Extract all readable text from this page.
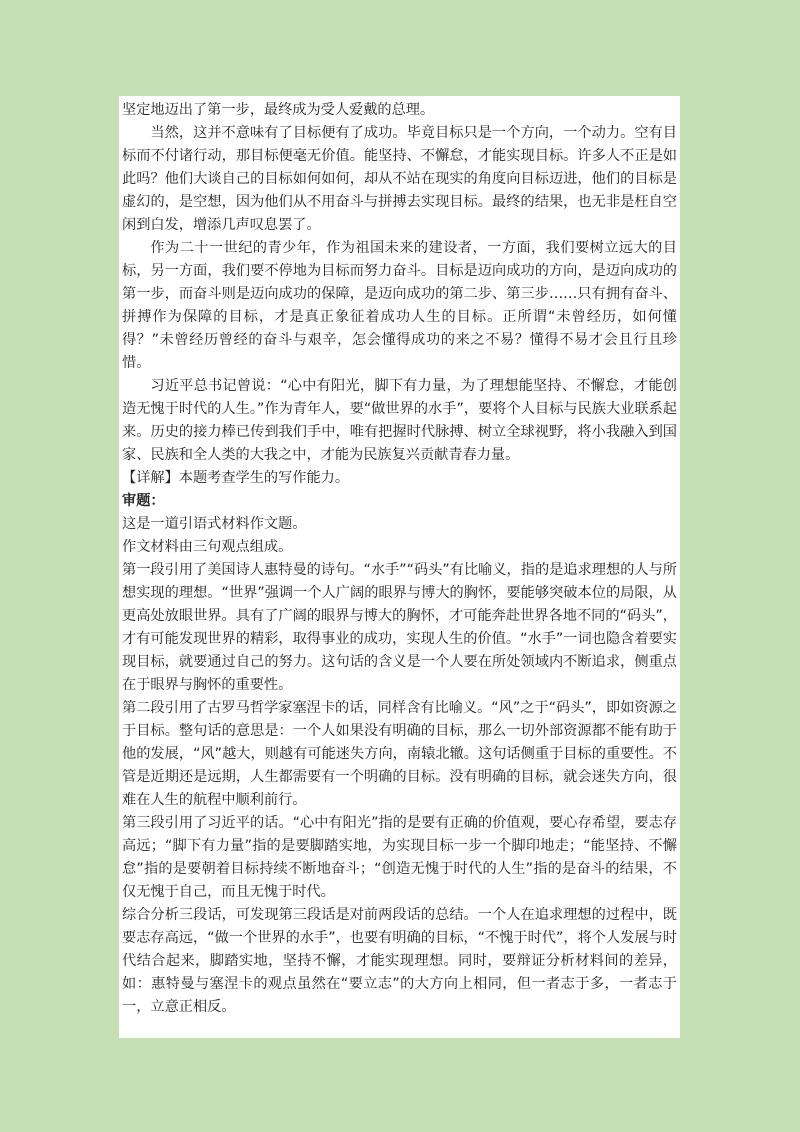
坚定地迈出了第一步，最终成为受人爱戴的总理。

当然，这并不意味有了目标便有了成功。毕竟目标只是一个方向，一个动力。空有目标而不付诸行动，那目标便毫无价值。能坚持、不懈怠，才能实现目标。许多人不正是如此吗？他们大谈自己的目标如何如何，却从不站在现实的角度向目标迈进，他们的目标是虚幻的，是空想，因为他们从不用奋斗与拼搏去实现目标。最终的结果，也无非是枉自空闲到白发，增添几声叹息罢了。

作为二十一世纪的青少年，作为祖国未来的建设者，一方面，我们要树立远大的目标，另一方面，我们要不停地为目标而努力奋斗。目标是迈向成功的方向，是迈向成功的第一步，而奋斗则是迈向成功的保障，是迈向成功的第二步、第三步……只有拥有奋斗、拼搏作为保障的目标，才是真正象征着成功人生的目标。正所谓“未曾经历，如何懂得？”未曾经历曾经的奋斗与艰辛，怎会懂得成功的来之不易？懂得不易才会且行且珍惜。

习近平总书记曾说：“心中有阳光，脚下有力量，为了理想能坚持、不懈怠，才能创造无愧于时代的人生。”作为青年人，要“做世界的水手”，要将个人目标与民族大业联系起来。历史的接力棒已传到我们手中，唯有把握时代脉搏、树立全球视野，将小我融入到国家、民族和全人类的大我之中，才能为民族复兴贡献青春力量。

【详解】本题考查学生的写作能力。

审题：

这是一道引语式材料作文题。

作文材料由三句观点组成。

第一段引用了美国诗人惠特曼的诗句。“水手”“码头”有比喻义，指的是追求理想的人与所想实现的理想。“世界”强调一个人广阔的眼界与博大的胸怀，要能够突破本位的局限，从更高处放眼世界。具有了广阔的眼界与博大的胸怀，才可能奔赴世界各地不同的“码头”，才有可能发现世界的精彩，取得事业的成功，实现人生的价值。“水手”一词也隐含着要实现目标，就要通过自己的努力。这句话的含义是一个人要在所处领域内不断追求，侧重点在于眼界与胸怀的重要性。

第二段引用了古罗马哲学家塞涅卡的话，同样含有比喻义。“风”之于“码头”，即如资源之于目标。整句话的意思是：一个人如果没有明确的目标，那么一切外部资源都不能有助于他的发展，“风”越大，则越有可能迷失方向，南辕北辙。这句话侧重于目标的重要性。不管是近期还是远期，人生都需要有一个明确的目标。没有明确的目标，就会迷失方向，很难在人生的航程中顺利前行。

第三段引用了习近平的话。“心中有阳光”指的是要有正确的价值观，要心存希望，要志存高远；“脚下有力量”指的是要脚踏实地，为实现目标一步一个脚印地走；“能坚持、不懈怠”指的是要朝着目标持续不断地奋斗；“创造无愧于时代的人生”指的是奋斗的结果，不仅无愧于自己，而且无愧于时代。

综合分析三段话，可发现第三段话是对前两段话的总结。一个人在追求理想的过程中，既要志存高远，“做一个世界的水手”，也要有明确的目标，“不愧于时代”，将个人发展与时代结合起来，脚踏实地，坚持不懈，才能实现理想。同时，要辩证分析材料间的差异，如：惠特曼与塞涅卡的观点虽然在“要立志”的大方向上相同，但一者志于多，一者志于一，立意正相反。
